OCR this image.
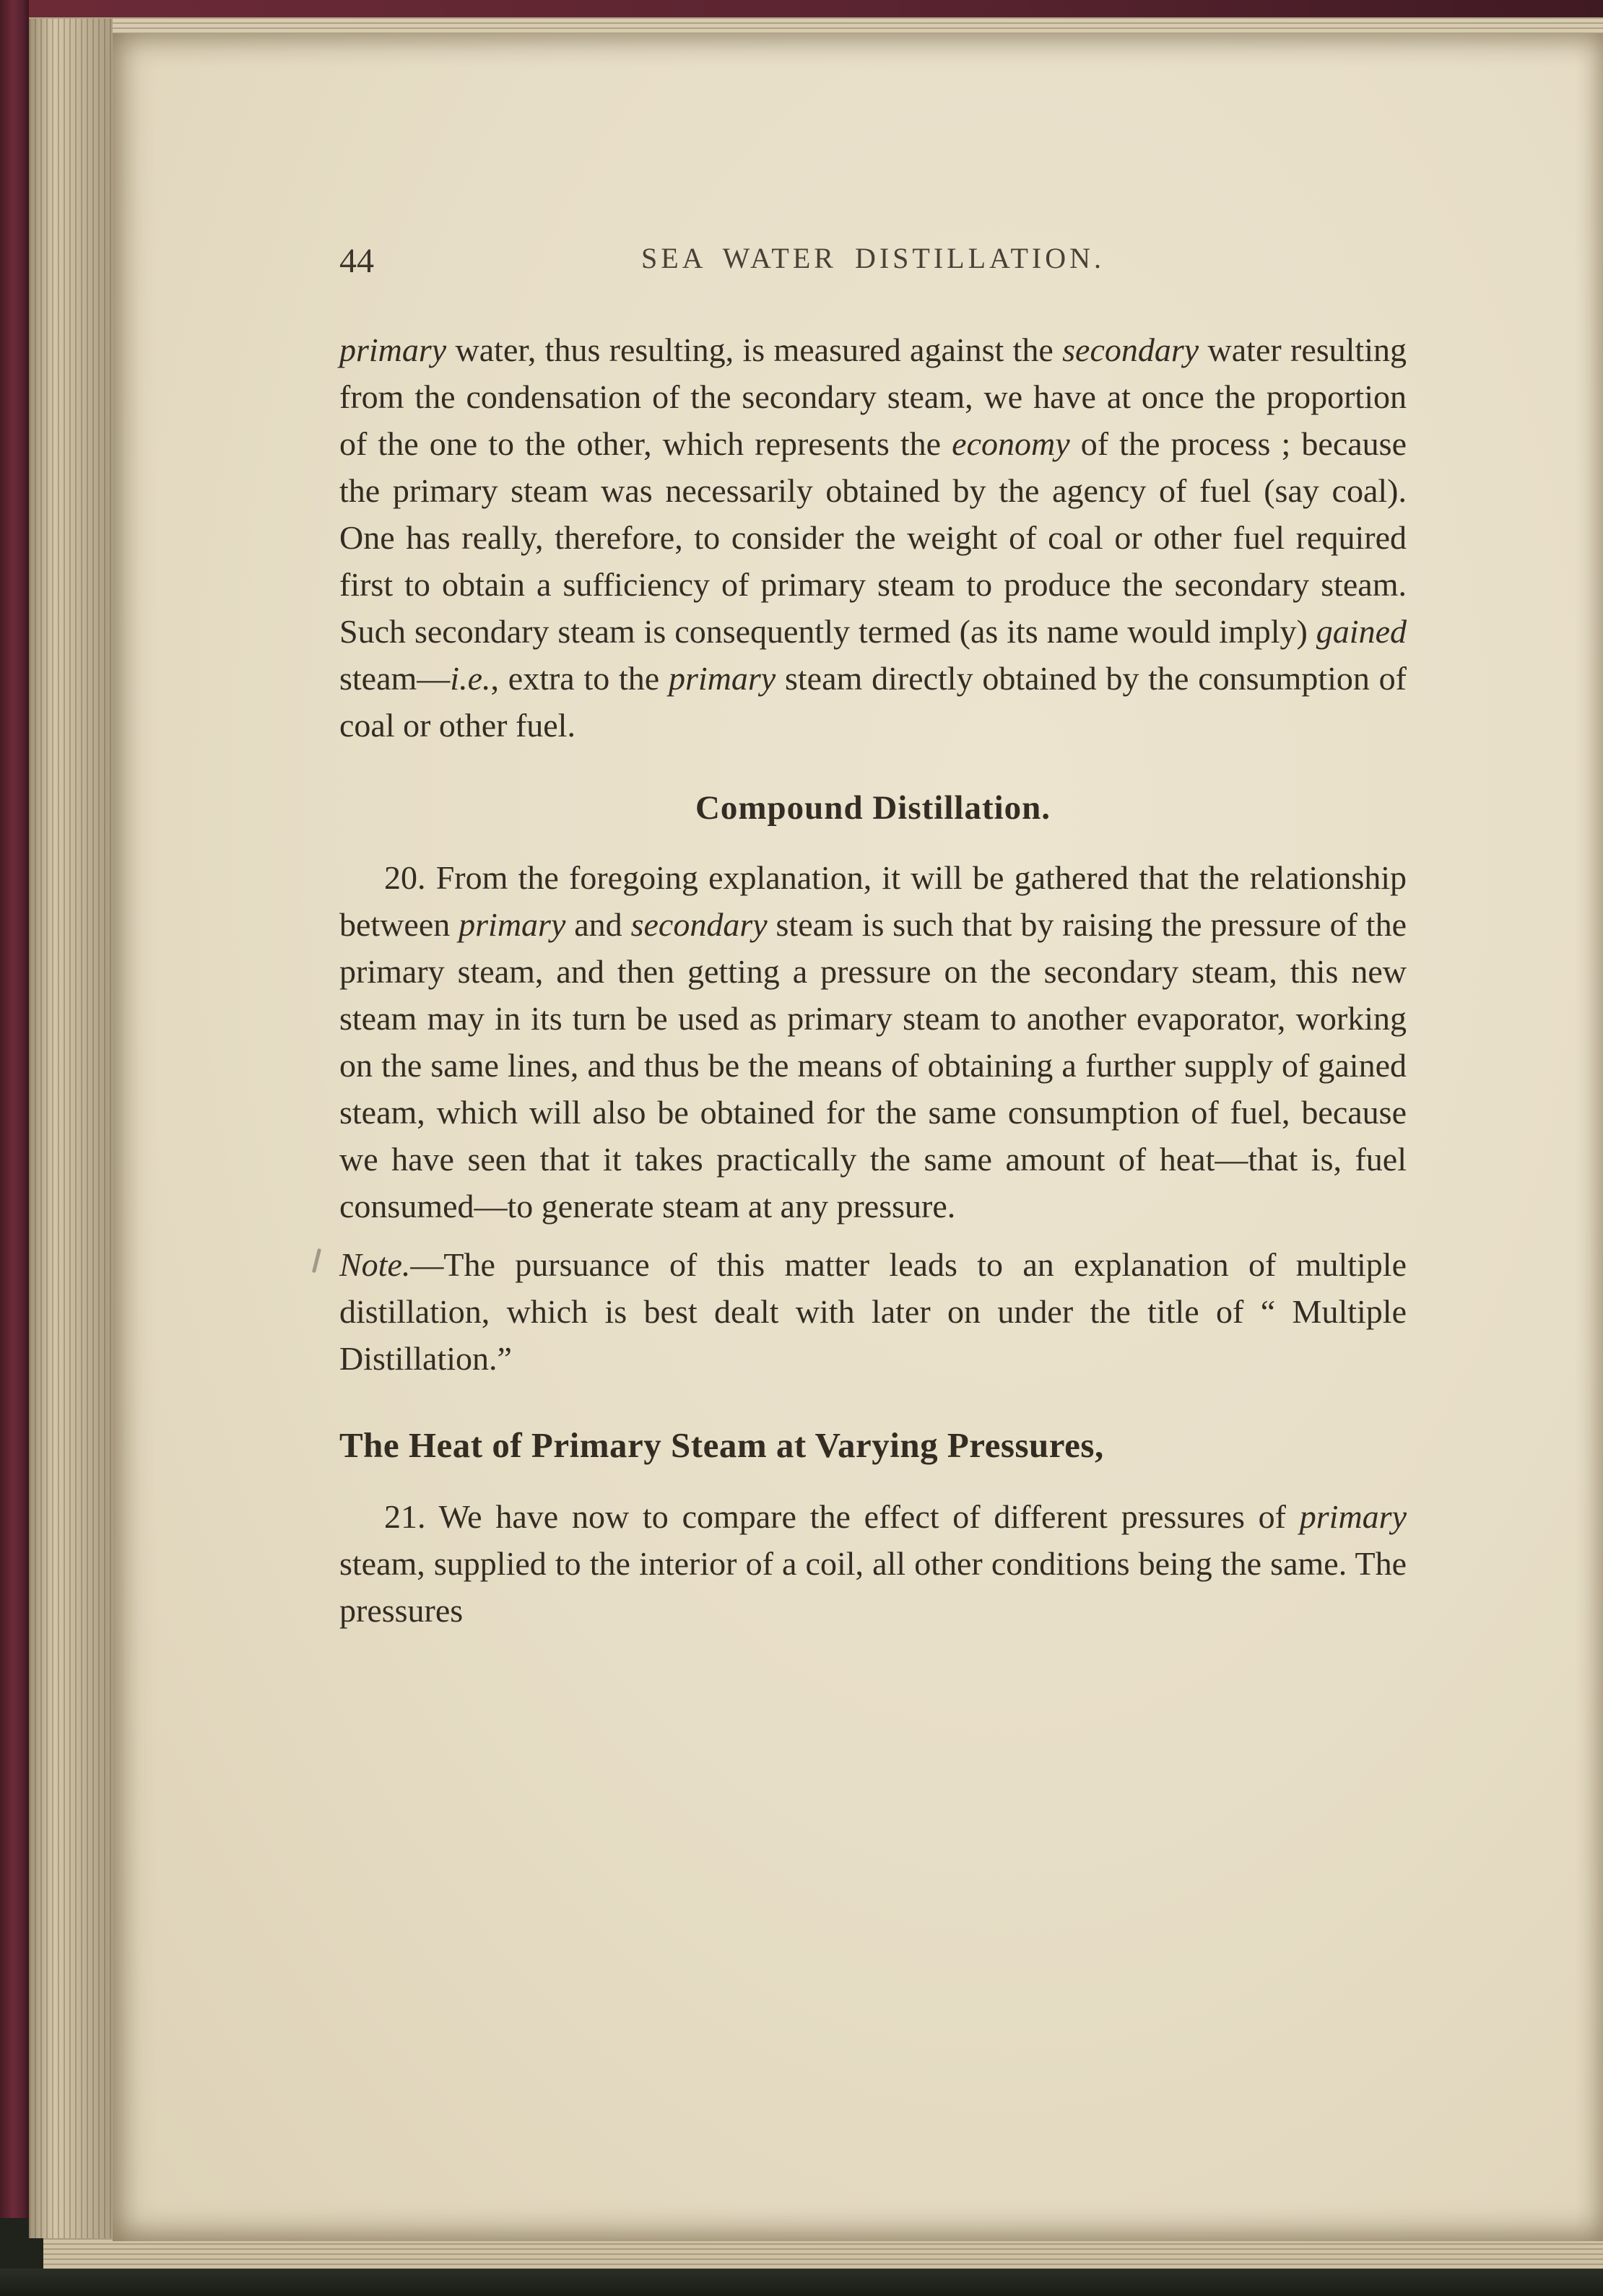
44	SEA WATER DISTILLATION.

primary water, thus resulting, is measured against the secondary water resulting from the condensation of the secondary steam, we have at once the proportion of the one to the other, which represents the economy of the process ; because the primary steam was necessarily obtained by the agency of fuel (say coal). One has really, therefore, to consider the weight of coal or other fuel required first to obtain a sufficiency of primary steam to produce the secondary steam. Such secondary steam is consequently termed (as its name would imply) gained steam—i.e., extra to the primary steam directly obtained by the consumption of coal or other fuel.

Compound Distillation.

20. From the foregoing explanation, it will be gathered that the relationship between primary and secondary steam is such that by raising the pressure of the primary steam, and then getting a pressure on the secondary steam, this new steam may in its turn be used as primary steam to another evaporator, working on the same lines, and thus be the means of obtaining a further supply of gained steam, which will also be obtained for the same consumption of fuel, because we have seen that it takes practically the same amount of heat—that is, fuel consumed—to generate steam at any pressure.

Note.—The pursuance of this matter leads to an explanation of multiple distillation, which is best dealt with later on under the title of “ Multiple Distillation.”

The Heat of Primary Steam at Varying Pressures,

21. We have now to compare the effect of different pressures of primary steam, supplied to the interior of a coil, all other conditions being the same. The pressures
